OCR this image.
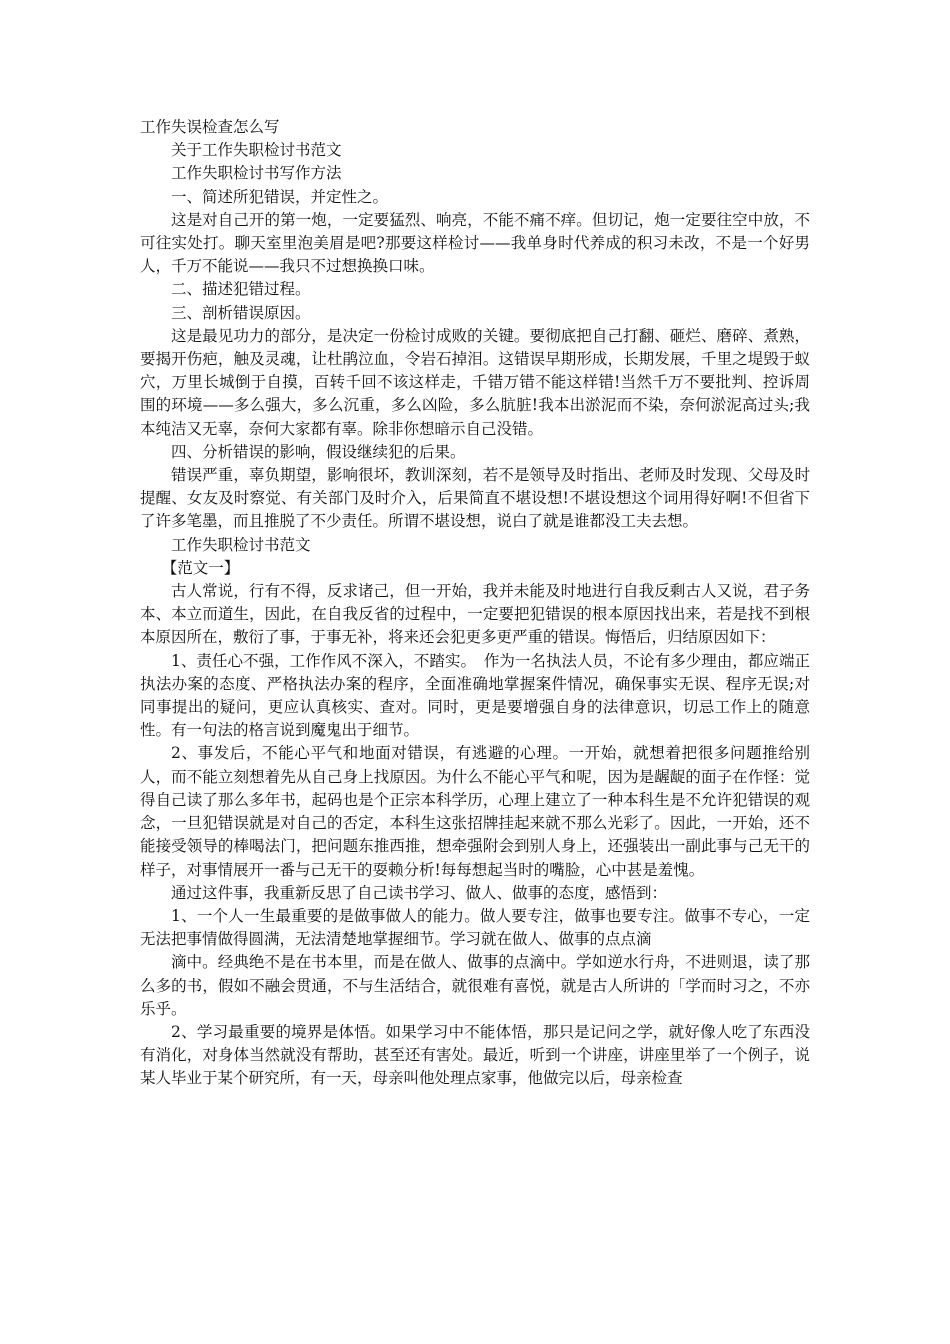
工作失误检查怎么写

关于工作失职检讨书范文

工作失职检讨书写作方法

一、简述所犯错误，并定性之。

这是对自己开的第一炮，一定要猛烈、响亮，不能不痛不痒。但切记，炮一定要往空中放，不可往实处打。聊天室里泡美眉是吧?那要这样检讨——我单身时代养成的积习未改，不是一个好男人，千万不能说——我只不过想换换口味。

二、描述犯错过程。

三、剖析错误原因。

这是最见功力的部分，是决定一份检讨成败的关键。要彻底把自己打翻、砸烂、磨碎、煮熟，要揭开伤疤，触及灵魂，让杜鹃泣血，令岩石掉泪。这错误早期形成，长期发展，千里之堤毁于蚁穴，万里长城倒于自摸，百转千回不该这样走，千错万错不能这样错!当然千万不要批判、控诉周围的环境——多么强大，多么沉重，多么凶险，多么肮脏!我本出淤泥而不染，奈何淤泥高过头;我本纯洁又无辜，奈何大家都有辜。除非你想暗示自己没错。

四、分析错误的影响，假设继续犯的后果。

错误严重，辜负期望，影响很坏，教训深刻，若不是领导及时指出、老师及时发现、父母及时提醒、女友及时察觉、有关部门及时介入，后果简直不堪设想!不堪设想这个词用得好啊!不但省下了许多笔墨，而且推脱了不少责任。所谓不堪设想，说白了就是谁都没工夫去想。

工作失职检讨书范文

【范文一】

古人常说，行有不得，反求诸己，但一开始，我并未能及时地进行自我反剩古人又说，君子务本、本立而道生，因此，在自我反省的过程中，一定要把犯错误的根本原因找出来，若是找不到根本原因所在，敷衍了事，于事无补，将来还会犯更多更严重的错误。悔悟后，归结原因如下：

1、责任心不强，工作作风不深入，不踏实。　作为一名执法人员，不论有多少理由，都应端正执法办案的态度、严格执法办案的程序，全面准确地掌握案件情况，确保事实无误、程序无误;对同事提出的疑问，更应认真核实、查对。同时，更是要增强自身的法律意识，切忌工作上的随意性。有一句法的格言说到魔鬼出于细节。

2、事发后，不能心平气和地面对错误，有逃避的心理。一开始，就想着把很多问题推给别人，而不能立刻想着先从自己身上找原因。为什么不能心平气和呢，因为是龌龊的面子在作怪：觉得自己读了那么多年书，起码也是个正宗本科学历，心理上建立了一种本科生是不允许犯错误的观念，一旦犯错误就是对自己的否定，本科生这张招牌挂起来就不那么光彩了。因此，一开始，还不能接受领导的棒喝法门，把问题东推西推，想牵强附会到别人身上，还强装出一副此事与己无干的样子，对事情展开一番与己无干的耍赖分析!每每想起当时的嘴脸，心中甚是羞愧。

通过这件事，我重新反思了自己读书学习、做人、做事的态度，感悟到：

1、一个人一生最重要的是做事做人的能力。做人要专注，做事也要专注。做事不专心，一定无法把事情做得圆满，无法清楚地掌握细节。学习就在做人、做事的点点滴

滴中。经典绝不是在书本里，而是在做人、做事的点滴中。学如逆水行舟，不进则退，读了那么多的书，假如不融会贯通，不与生活结合，就很难有喜悦，就是古人所讲的「学而时习之，不亦乐乎。

2、学习最重要的境界是体悟。如果学习中不能体悟，那只是记问之学，就好像人吃了东西没有消化，对身体当然就没有帮助，甚至还有害处。最近，听到一个讲座，讲座里举了一个例子，说某人毕业于某个研究所，有一天，母亲叫他处理点家事，他做完以后，母亲检查
